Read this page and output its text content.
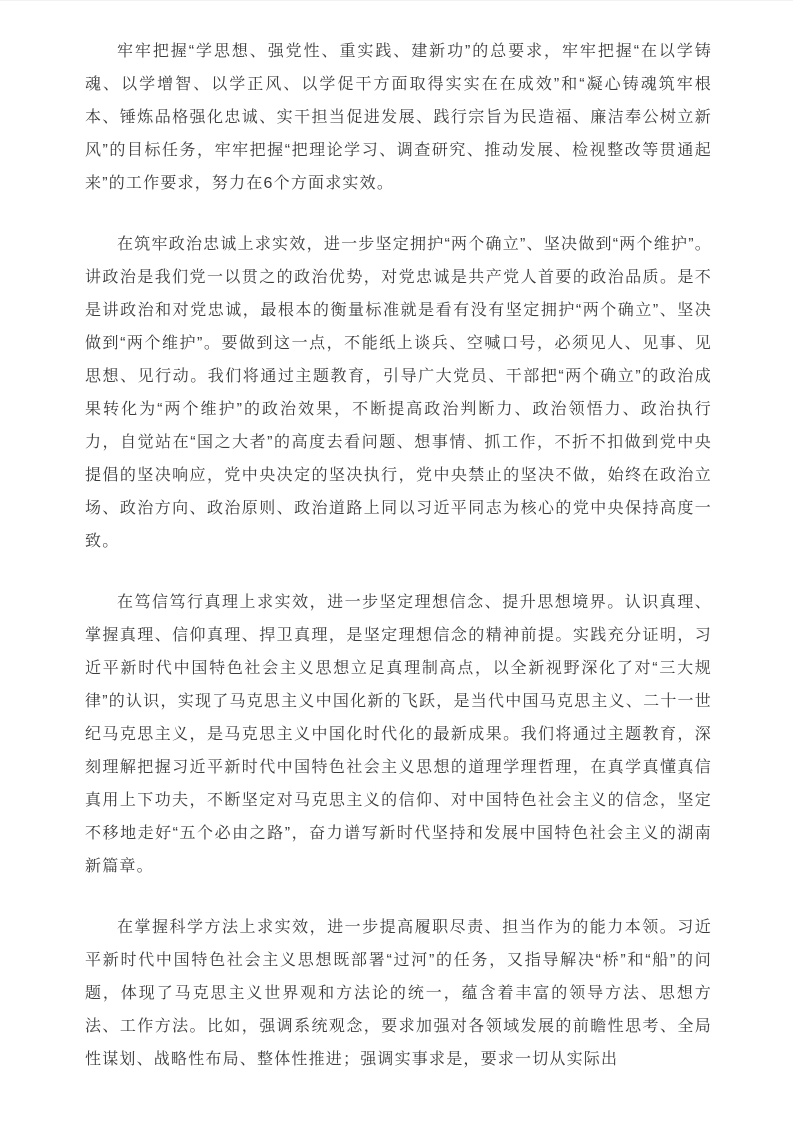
牢牢把握“学思想、强党性、重实践、建新功”的总要求，牢牢把握“在以学铸魂、以学增智、以学正风、以学促干方面取得实实在在成效”和“凝心铸魂筑牢根本、锤炼品格强化忠诚、实干担当促进发展、践行宗旨为民造福、廉洁奉公树立新风”的目标任务，牢牢把握“把理论学习、调查研究、推动发展、检视整改等贯通起来”的工作要求，努力在6个方面求实效。

在筑牢政治忠诚上求实效，进一步坚定拥护“两个确立”、坚决做到“两个维护”。讲政治是我们党一以贯之的政治优势，对党忠诚是共产党人首要的政治品质。是不是讲政治和对党忠诚，最根本的衡量标准就是看有没有坚定拥护“两个确立”、坚决做到“两个维护”。要做到这一点，不能纸上谈兵、空喊口号，必须见人、见事、见思想、见行动。我们将通过主题教育，引导广大党员、干部把“两个确立”的政治成果转化为“两个维护”的政治效果，不断提高政治判断力、政治领悟力、政治执行力，自觉站在“国之大者”的高度去看问题、想事情、抓工作，不折不扣做到党中央提倡的坚决响应，党中央决定的坚决执行，党中央禁止的坚决不做，始终在政治立场、政治方向、政治原则、政治道路上同以习近平同志为核心的党中央保持高度一致。

在笃信笃行真理上求实效，进一步坚定理想信念、提升思想境界。认识真理、掌握真理、信仰真理、捍卫真理，是坚定理想信念的精神前提。实践充分证明，习近平新时代中国特色社会主义思想立足真理制高点，以全新视野深化了对“三大规律”的认识，实现了马克思主义中国化新的飞跃，是当代中国马克思主义、二十一世纪马克思主义，是马克思主义中国化时代化的最新成果。我们将通过主题教育，深刻理解把握习近平新时代中国特色社会主义思想的道理学理哲理，在真学真懂真信真用上下功夫，不断坚定对马克思主义的信仰、对中国特色社会主义的信念，坚定不移地走好“五个必由之路”，奋力谱写新时代坚持和发展中国特色社会主义的湖南新篇章。

在掌握科学方法上求实效，进一步提高履职尽责、担当作为的能力本领。习近平新时代中国特色社会主义思想既部署“过河”的任务，又指导解决“桥”和“船”的问题，体现了马克思主义世界观和方法论的统一，蕴含着丰富的领导方法、思想方法、工作方法。比如，强调系统观念，要求加强对各领域发展的前瞻性思考、全局性谋划、战略性布局、整体性推进；强调实事求是，要求一切从实际出
